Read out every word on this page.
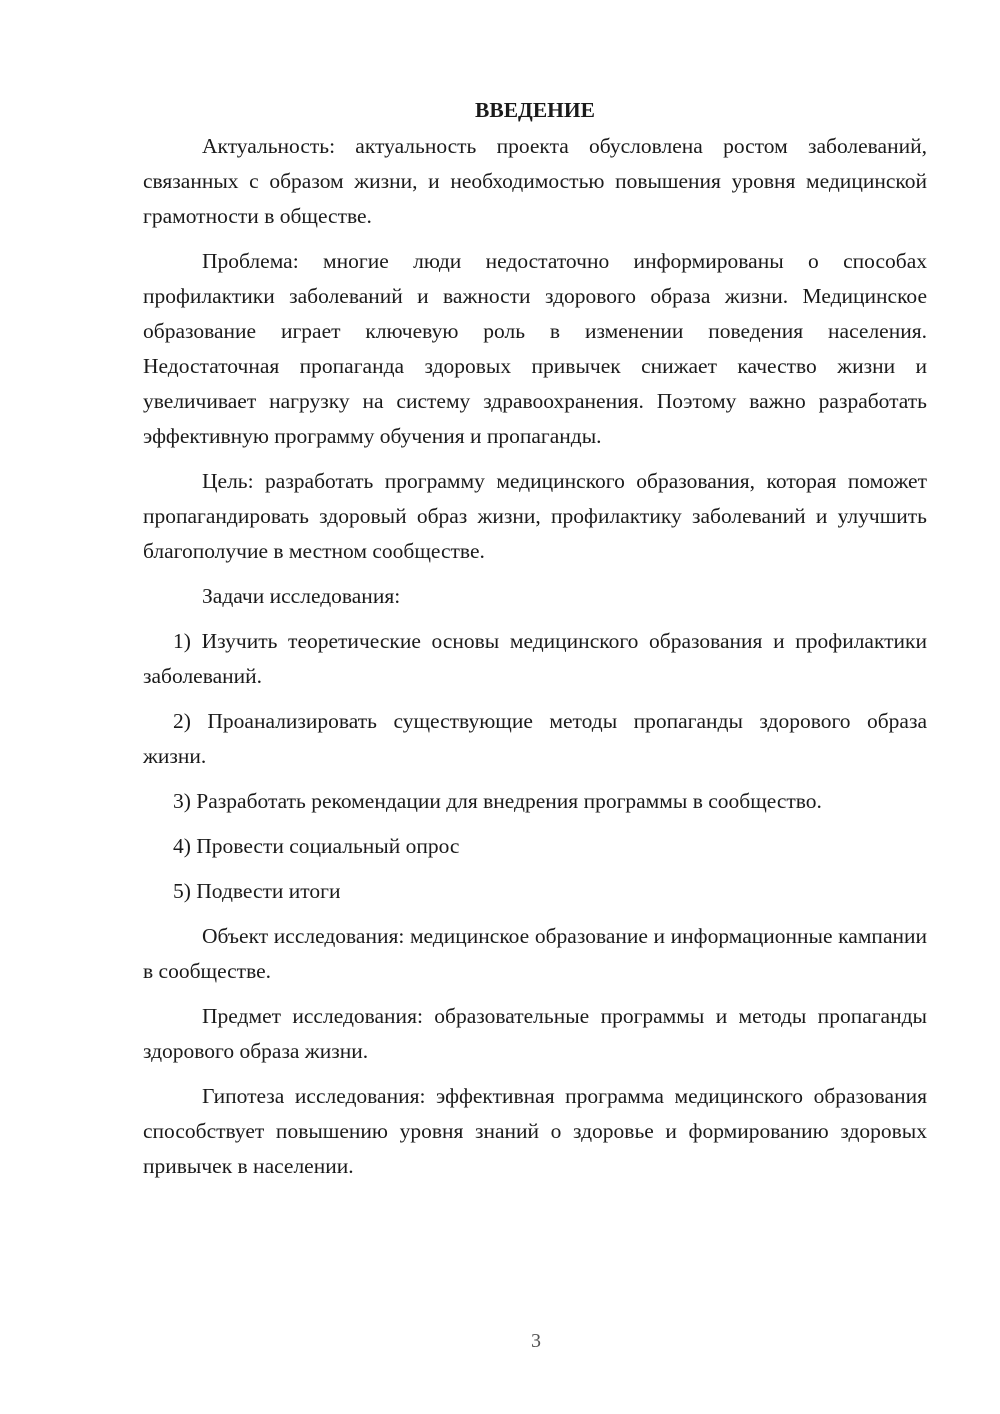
ВВЕДЕНИЕ

Актуальность: актуальность проекта обусловлена ростом заболеваний, связанных с образом жизни, и необходимостью повышения уровня медицинской грамотности в обществе.

Проблема: многие люди недостаточно информированы о способах профилактики заболеваний и важности здорового образа жизни. Медицинское образование играет ключевую роль в изменении поведения населения. Недостаточная пропаганда здоровых привычек снижает качество жизни и увеличивает нагрузку на систему здравоохранения. Поэтому важно разработать эффективную программу обучения и пропаганды.

Цель: разработать программу медицинского образования, которая поможет пропагандировать здоровый образ жизни, профилактику заболеваний и улучшить благополучие в местном сообществе.

Задачи исследования:

1) Изучить теоретические основы медицинского образования и профилактики заболеваний.

2) Проанализировать существующие методы пропаганды здорового образа жизни.

3) Разработать рекомендации для внедрения программы в сообщество.

4) Провести социальный опрос

5) Подвести итоги

Объект исследования: медицинское образование и информационные кампании в сообществе.

Предмет исследования: образовательные программы и методы пропаганды здорового образа жизни.

Гипотеза исследования: эффективная программа медицинского образования способствует повышению уровня знаний о здоровье и формированию здоровых привычек в населении.

3
